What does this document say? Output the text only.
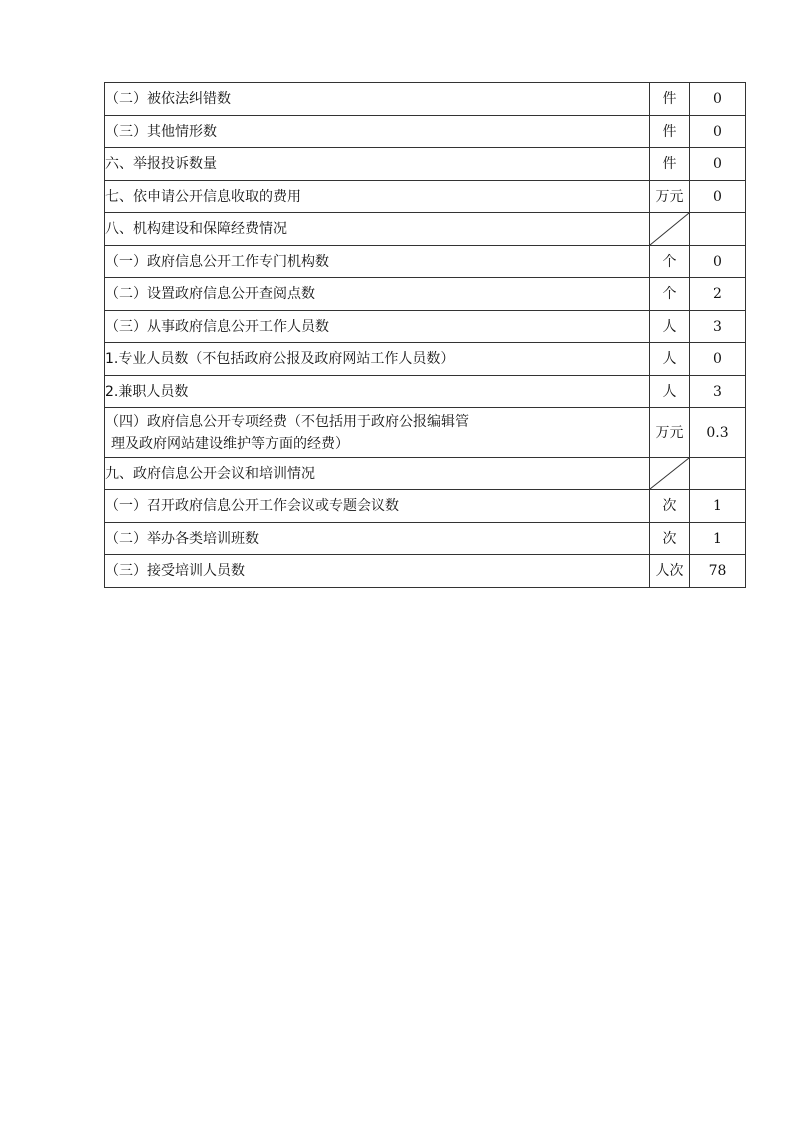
（二）被依法纠错数	件	0
（三）其他情形数	件	0
六、举报投诉数量	件	0
七、依申请公开信息收取的费用	万元	0
八、机构建设和保障经费情况	

（一）政府信息公开工作专门机构数	个	0
（二）设置政府信息公开查阅点数	个	2
（三）从事政府信息公开工作人员数	人	3
1.专业人员数（不包括政府公报及政府网站工作人员数）	人	0
2.兼职人员数	人	3

（四）政府信息公开专项经费（不包括用于政府公报编辑管
理及政府网站建设维护等方面的经费）	万元	0.3
九、政府信息公开会议和培训情况	

（一）召开政府信息公开工作会议或专题会议数	次	1
（二）举办各类培训班数	次	1
（三）接受培训人员数	人次	78
